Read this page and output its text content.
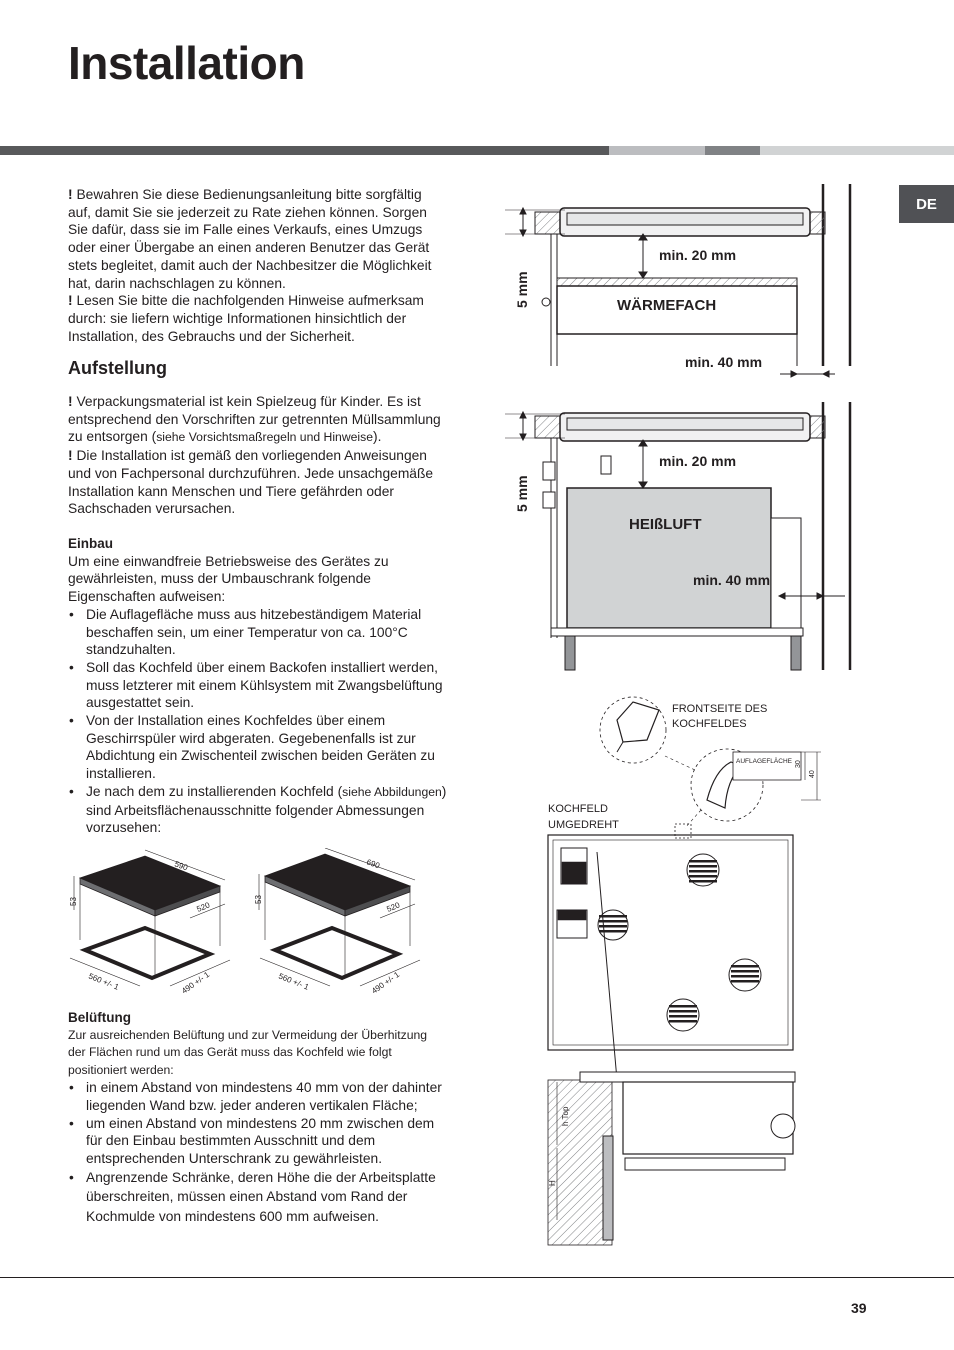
Installation
DE

! Bewahren Sie diese Bedienungsanleitung bitte sorgfältig auf, damit Sie sie jederzeit zu Rate ziehen können. Sorgen Sie dafür, dass sie im Falle eines Verkaufs, eines Umzugs oder einer Übergabe an einen anderen Benutzer das Gerät stets begleitet, damit auch der Nachbesitzer die Möglichkeit hat, darin nachschlagen zu können.

! Lesen Sie bitte die nachfolgenden Hinweise aufmerksam durch: sie liefern wichtige Informationen hinsichtlich der Installation, des Gebrauchs und der Sicherheit.

Aufstellung

! Verpackungsmaterial ist kein Spielzeug für Kinder. Es ist entsprechend den Vorschriften zur getrennten Müllsammlung zu entsorgen (siehe Vorsichtsmaßregeln und Hinweise).

! Die Installation ist gemäß den vorliegenden Anweisungen und von Fachpersonal durchzuführen. Jede unsachgemäße Installation kann Menschen und Tiere gefährden oder Sachschaden verursachen.

Einbau

Um eine einwandfreie Betriebsweise des Gerätes zu gewährleisten, muss der Umbauschrank folgende Eigenschaften aufweisen:

• Die Auflagefläche muss aus hitzebeständigem Material beschaffen sein, um einer Temperatur von ca. 100°C standzuhalten.
• Soll das Kochfeld über einem Backofen installiert werden, muss letzterer mit einem Kühlsystem mit Zwangsbelüftung ausgestattet sein.
• Von der Installation eines Kochfeldes über einem Geschirrspüler wird abgeraten. Gegebenenfalls ist zur Abdichtung ein Zwischenteil zwischen beiden Geräten zu installieren.
• Je nach dem zu installierenden Kochfeld (siehe Abbildungen) sind Arbeitsflächenausschnitte folgender Abmessungen vorzusehen:
590
520
53
560 +/- 1	490 +/- 1
690
520
53
560 +/- 1	490 +/- 1

Belüftung

Zur ausreichenden Belüftung und zur Vermeidung der Überhitzung der Flächen rund um das Gerät muss das Kochfeld wie folgt positioniert werden:

• in einem Abstand von mindestens 40 mm von der dahinter liegenden Wand bzw. jeder anderen vertikalen Fläche;
• um einen Abstand von mindestens 20 mm zwischen dem für den Einbau bestimmten Ausschnitt und dem entsprechenden Unterschrank zu gewährleisten.
• Angrenzende Schränke, deren Höhe die der Arbeitsplatte überschreiten, müssen einen Abstand vom Rand der Kochmulde von mindestens 600 mm aufweisen.
min. 20 mm
WÄRMEFACH
min. 40 mm
5 mm
min. 20 mm
HEIßLUFT
min. 40 mm
5 mm
FRONTSEITE DES
KOCHFELDES
AUFLAGEFLÄCHE 30
40
KOCHFELD
UMGEDREHT
h Top
H
39
